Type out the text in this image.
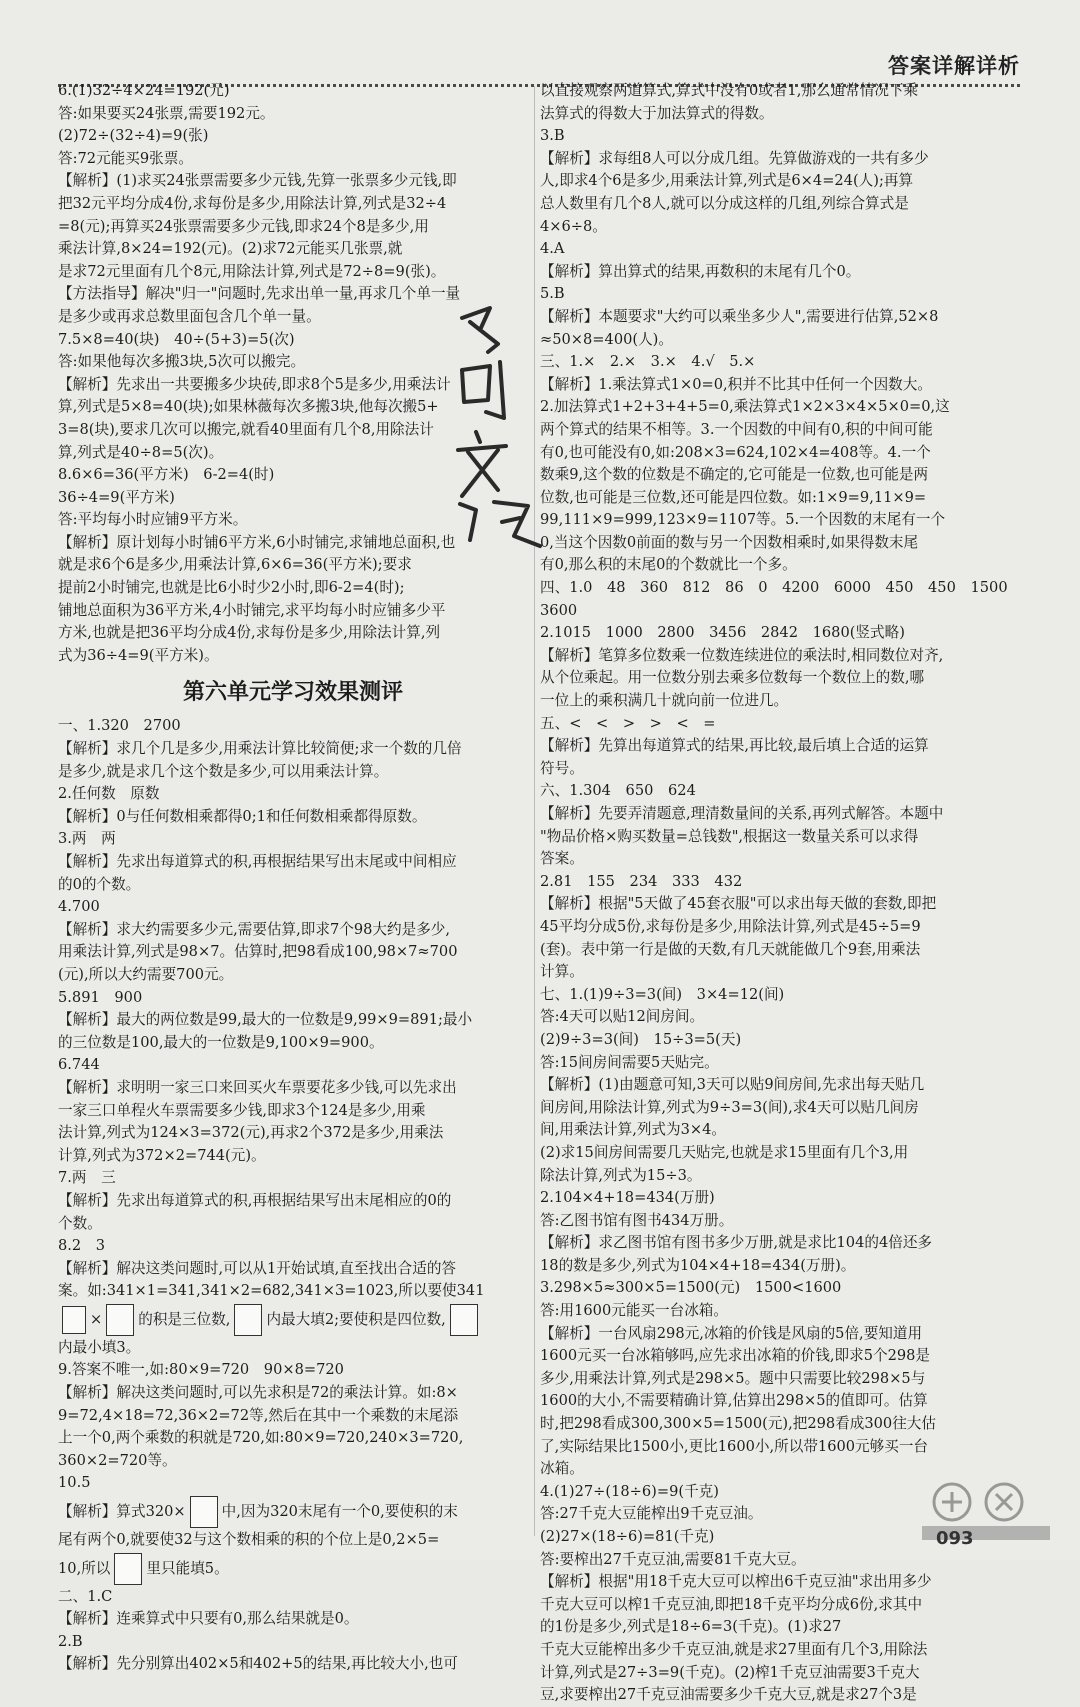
答案详解详析
6.(1)32÷4×24=192(元)
答:如果要买24张票,需要192元。
(2)72÷(32÷4)=9(张)
答:72元能买9张票。
【解析】(1)求买24张票需要多少元钱,先算一张票多少元钱,即
把32元平均分成4份,求每份是多少,用除法计算,列式是32÷4
=8(元);再算买24张票需要多少元钱,即求24个8是多少,用
乘法计算,8×24=192(元)。(2)求72元能买几张票,就
是求72元里面有几个8元,用除法计算,列式是72÷8=9(张)。
【方法指导】解决"归一"问题时,先求出单一量,再求几个单一量
是多少或再求总数里面包含几个单一量。
7.5×8=40(块)　40÷(5+3)=5(次)
答:如果他每次多搬3块,5次可以搬完。
【解析】先求出一共要搬多少块砖,即求8个5是多少,用乘法计
算,列式是5×8=40(块);如果林薇每次多搬3块,他每次搬5+
3=8(块),要求几次可以搬完,就看40里面有几个8,用除法计
算,列式是40÷8=5(次)。
8.6×6=36(平方米)　6-2=4(时)
36÷4=9(平方米)
答:平均每小时应铺9平方米。
【解析】原计划每小时铺6平方米,6小时铺完,求铺地总面积,也
就是求6个6是多少,用乘法计算,6×6=36(平方米);要求
提前2小时铺完,也就是比6小时少2小时,即6-2=4(时);
铺地总面积为36平方米,4小时铺完,求平均每小时应铺多少平
方米,也就是把36平均分成4份,求每份是多少,用除法计算,列
式为36÷4=9(平方米)。
第六单元学习效果测评
一、1.320　2700
【解析】求几个几是多少,用乘法计算比较简便;求一个数的几倍
是多少,就是求几个这个数是多少,可以用乘法计算。
2.任何数　原数
【解析】0与任何数相乘都得0;1和任何数相乘都得原数。
3.两　两
【解析】先求出每道算式的积,再根据结果写出末尾或中间相应
的0的个数。
4.700
【解析】求大约需要多少元,需要估算,即求7个98大约是多少,
用乘法计算,列式是98×7。估算时,把98看成100,98×7≈700
(元),所以大约需要700元。
5.891　900
【解析】最大的两位数是99,最大的一位数是9,99×9=891;最小
的三位数是100,最大的一位数是9,100×9=900。
6.744
【解析】求明明一家三口来回买火车票要花多少钱,可以先求出
一家三口单程火车票需要多少钱,即求3个124是多少,用乘
法计算,列式为124×3=372(元),再求2个372是多少,用乘法
计算,列式为372×2=744(元)。
7.两　三
【解析】先求出每道算式的积,再根据结果写出末尾相应的0的
个数。
8.2　3
【解析】解决这类问题时,可以从1开始试填,直至找出合适的答
案。如:341×1=341,341×2=682,341×3=1023,所以要使341
× 的积是三位数, 内最大填2;要使积是四位数,
内最小填3。
9.答案不唯一,如:80×9=720　90×8=720
【解析】解决这类问题时,可以先求积是72的乘法计算。如:8×
9=72,4×18=72,36×2=72等,然后在其中一个乘数的末尾添
上一个0,两个乘数的积就是720,如:80×9=720,240×3=720,
360×2=720等。
10.5
【解析】算式320× 中,因为320末尾有一个0,要使积的末
尾有两个0,就要使32与这个数相乘的积的个位上是0,2×5=
10,所以 里只能填5。
二、1.C
【解析】连乘算式中只要有0,那么结果就是0。
2.B
【解析】先分别算出402×5和402+5的结果,再比较大小,也可
以直接观察两道算式,算式中没有0或者1,那么通常情况下乘
法算式的得数大于加法算式的得数。
3.B
【解析】求每组8人可以分成几组。先算做游戏的一共有多少
人,即求4个6是多少,用乘法计算,列式是6×4=24(人);再算
总人数里有几个8人,就可以分成这样的几组,列综合算式是
4×6÷8。
4.A
【解析】算出算式的结果,再数积的末尾有几个0。
5.B
【解析】本题要求"大约可以乘坐多少人",需要进行估算,52×8
≈50×8=400(人)。
三、1.×　2.×　3.×　4.√　5.×
【解析】1.乘法算式1×0=0,积并不比其中任何一个因数大。
2.加法算式1+2+3+4+5=0,乘法算式1×2×3×4×5×0=0,这
两个算式的结果不相等。3.一个因数的中间有0,积的中间可能
有0,也可能没有0,如:208×3=624,102×4=408等。4.一个
数乘9,这个数的位数是不确定的,它可能是一位数,也可能是两
位数,也可能是三位数,还可能是四位数。如:1×9=9,11×9=
99,111×9=999,123×9=1107等。5.一个因数的末尾有一个
0,当这个因数0前面的数与另一个因数相乘时,如果得数末尾
有0,那么积的末尾0的个数就比一个多。
四、1.0　48　360　812　86　0　4200　6000　450　450　1500
3600
2.1015　1000　2800　3456　2842　1680(竖式略)
【解析】笔算多位数乘一位数连续进位的乘法时,相同数位对齐,
从个位乘起。用一位数分别去乘多位数每一个数位上的数,哪
一位上的乘积满几十就向前一位进几。
五、<　<　>　>　<　=
【解析】先算出每道算式的结果,再比较,最后填上合适的运算
符号。
六、1.304　650　624
【解析】先要弄清题意,理清数量间的关系,再列式解答。本题中
"物品价格×购买数量=总钱数",根据这一数量关系可以求得
答案。
2.81　155　234　333　432
【解析】根据"5天做了45套衣服"可以求出每天做的套数,即把
45平均分成5份,求每份是多少,用除法计算,列式是45÷5=9
(套)。表中第一行是做的天数,有几天就能做几个9套,用乘法
计算。
七、1.(1)9÷3=3(间)　3×4=12(间)
答:4天可以贴12间房间。
(2)9÷3=3(间)　15÷3=5(天)
答:15间房间需要5天贴完。
【解析】(1)由题意可知,3天可以贴9间房间,先求出每天贴几
间房间,用除法计算,列式为9÷3=3(间),求4天可以贴几间房
间,用乘法计算,列式为3×4。
(2)求15间房间需要几天贴完,也就是求15里面有几个3,用
除法计算,列式为15÷3。
2.104×4+18=434(万册)
答:乙图书馆有图书434万册。
【解析】求乙图书馆有图书多少万册,就是求比104的4倍还多
18的数是多少,列式为104×4+18=434(万册)。
3.298×5≈300×5=1500(元)　1500<1600
答:用1600元能买一台冰箱。
【解析】一台风扇298元,冰箱的价钱是风扇的5倍,要知道用
1600元买一台冰箱够吗,应先求出冰箱的价钱,即求5个298是
多少,用乘法计算,列式是298×5。题中只需要比较298×5与
1600的大小,不需要精确计算,估算出298×5的值即可。估算
时,把298看成300,300×5=1500(元),把298看成300往大估
了,实际结果比1500小,更比1600小,所以带1600元够买一台
冰箱。
4.(1)27÷(18÷6)=9(千克)
答:27千克大豆能榨出9千克豆油。
(2)27×(18÷6)=81(千克)
答:要榨出27千克豆油,需要81千克大豆。
【解析】根据"用18千克大豆可以榨出6千克豆油"求出用多少
千克大豆可以榨1千克豆油,即把18千克平均分成6份,求其中
的1份是多少,列式是18÷6=3(千克)。(1)求27
千克大豆能榨出多少千克豆油,就是求27里面有几个3,用除法
计算,列式是27÷3=9(千克)。(2)榨1千克豆油需要3千克大
豆,求要榨出27千克豆油需要多少千克大豆,就是求27个3是
093
